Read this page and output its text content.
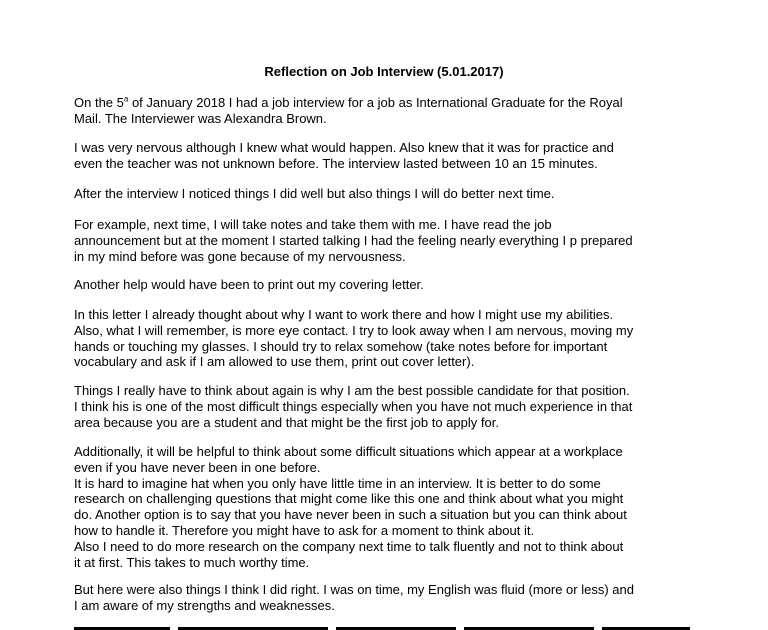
Reflection on Job Interview (5.01.2017)

On the 5$^a$ of January 2018 I had a job interview for a job as International Graduate for the Royal
Mail. The Interviewer was Alexandra Brown.

I was very nervous although I knew what would happen. Also knew that it was for practice and
even the teacher was not unknown before. The interview lasted between 10 an 15 minutes.

After the interview I noticed things I did well but also things I will do better next time.

For example, next time, I will take notes and take them with me. I have read the job
announcement but at the moment I started talking I had the feeling nearly everything I p prepared
in my mind before was gone because of my nervousness.

Another help would have been to print out my covering letter.

In this letter I already thought about why I want to work there and how I might use my abilities.
Also, what I will remember, is more eye contact. I try to look away when I am nervous, moving my
hands or touching my glasses. I should try to relax somehow (take notes before for important
vocabulary and ask if I am allowed to use them, print out cover letter).

Things I really have to think about again is why I am the best possible candidate for that position.
I think his is one of the most difficult things especially when you have not much experience in that
area because you are a student and that might be the first job to apply for.

Additionally, it will be helpful to think about some difficult situations which appear at a workplace
even if you have never been in one before.
It is hard to imagine hat when you only have little time in an interview. It is better to do some
research on challenging questions that might come like this one and think about what you might
do. Another option is to say that you have never been in such a situation but you can think about
how to handle it. Therefore you might have to ask for a moment to think about it.
Also I need to do more research on the company next time to talk fluently and not to think about
it at first. This takes to much worthy time.

But here were also things I think I did right. I was on time, my English was fluid (more or less) and
I am aware of my strengths and weaknesses.
